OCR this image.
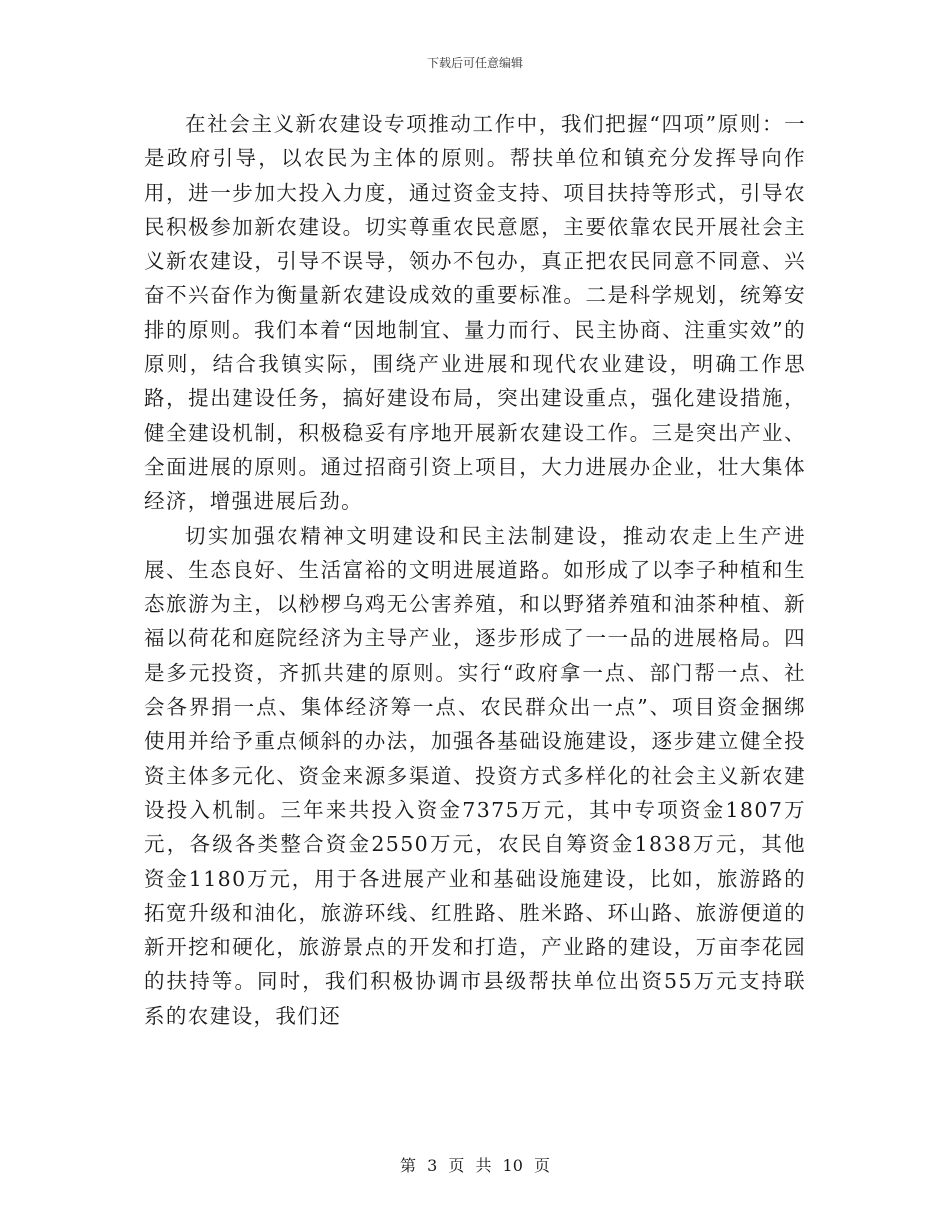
下载后可任意编辑

在社会主义新农建设专项推动工作中，我们把握“四项”原则：一是政府引导，以农民为主体的原则。帮扶单位和镇充分发挥导向作用，进一步加大投入力度，通过资金支持、项目扶持等形式，引导农民积极参加新农建设。切实尊重农民意愿，主要依靠农民开展社会主义新农建设，引导不误导，领办不包办，真正把农民同意不同意、兴奋不兴奋作为衡量新农建设成效的重要标准。二是科学规划，统筹安排的原则。我们本着“因地制宜、量力而行、民主协商、注重实效”的原则，结合我镇实际，围绕产业进展和现代农业建设，明确工作思路，提出建设任务，搞好建设布局，突出建设重点，强化建设措施，健全建设机制，积极稳妥有序地开展新农建设工作。三是突出产业、全面进展的原则。通过招商引资上项目，大力进展办企业，壮大集体经济，增强进展后劲。

切实加强农精神文明建设和民主法制建设，推动农走上生产进展、生态良好、生活富裕的文明进展道路。如形成了以李子种植和生态旅游为主，以桫椤乌鸡无公害养殖，和以野猪养殖和油茶种植、新福以荷花和庭院经济为主导产业，逐步形成了一一品的进展格局。四是多元投资，齐抓共建的原则。实行“政府拿一点、部门帮一点、社会各界捐一点、集体经济筹一点、农民群众出一点”、项目资金捆绑使用并给予重点倾斜的办法，加强各基础设施建设，逐步建立健全投资主体多元化、资金来源多渠道、投资方式多样化的社会主义新农建设投入机制。三年来共投入资金7375万元，其中专项资金1807万元，各级各类整合资金2550万元，农民自筹资金1838万元，其他资金1180万元，用于各进展产业和基础设施建设，比如，旅游路的拓宽升级和油化，旅游环线、红胜路、胜米路、环山路、旅游便道的新开挖和硬化，旅游景点的开发和打造，产业路的建设，万亩李花园的扶持等。同时，我们积极协调市县级帮扶单位出资55万元支持联系的农建设，我们还

第 3 页 共 10 页
